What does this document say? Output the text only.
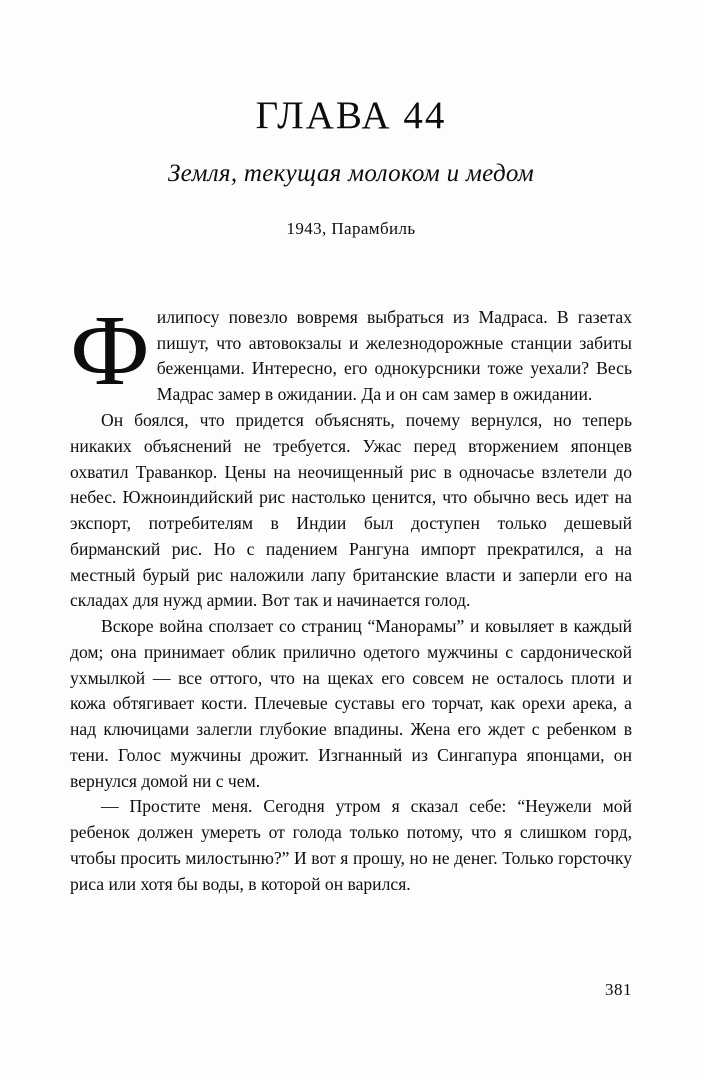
ГЛАВА 44
Земля, текущая молоком и медом
1943, Парамбиль

Филипосу повезло вовремя выбраться из Мадраса. В газетах пишут, что автовокзалы и железнодорожные станции забиты беженцами. Интересно, его однокурсники тоже уехали? Весь Мадрас замер в ожидании. Да и он сам замер в ожидании.

Он боялся, что придется объяснять, почему вернулся, но теперь никаких объяснений не требуется. Ужас перед вторжением японцев охватил Траванкор. Цены на неочищенный рис в одночасье взлетели до небес. Южноиндийский рис настолько ценится, что обычно весь идет на экспорт, потребителям в Индии был доступен только дешевый бирманский рис. Но с падением Рангуна импорт прекратился, а на местный бурый рис наложили лапу британские власти и заперли его на складах для нужд армии. Вот так и начинается голод.

Вскоре война сползает со страниц “Манорамы” и ковыляет в каждый дом; она принимает облик прилично одетого мужчины с сардонической ухмылкой — все оттого, что на щеках его совсем не осталось плоти и кожа обтягивает кости. Плечевые суставы его торчат, как орехи арека, а над ключицами залегли глубокие впадины. Жена его ждет с ребенком в тени. Голос мужчины дрожит. Изгнанный из Сингапура японцами, он вернулся домой ни с чем.

— Простите меня. Сегодня утром я сказал себе: “Неужели мой ребенок должен умереть от голода только потому, что я слишком горд, чтобы просить милостыню?” И вот я прошу, но не денег. Только горсточку риса или хотя бы воды, в которой он варился.

381
